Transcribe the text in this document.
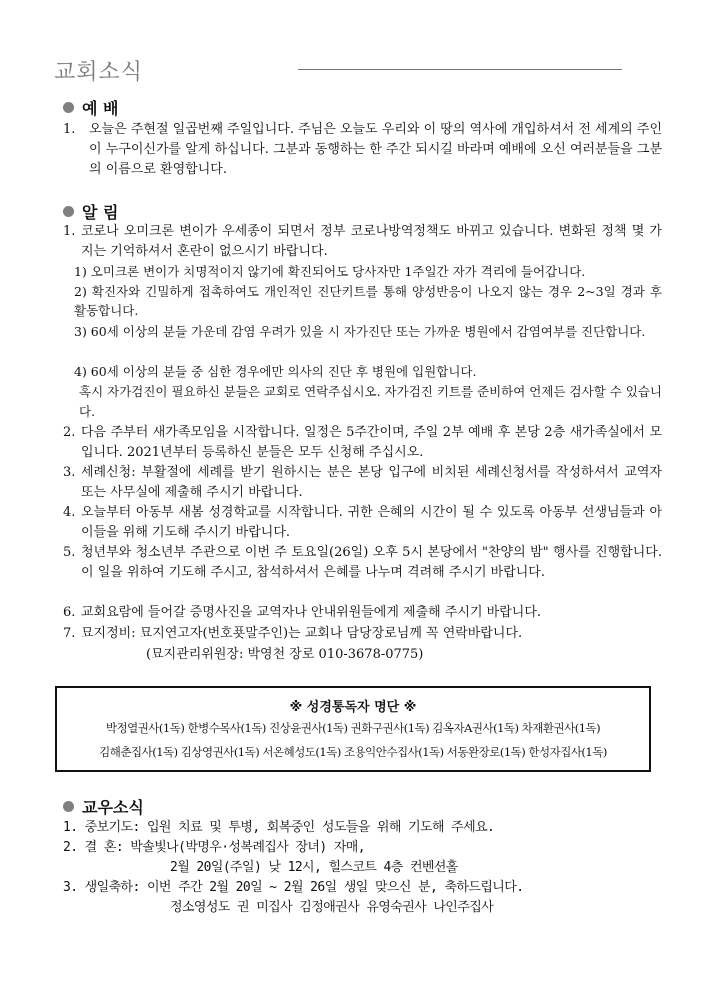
교회소식
예 배
1. 오늘은 주현절 일곱번째 주일입니다. 주님은 오늘도 우리와 이 땅의 역사에 개입하셔서 전 세계의 주인이 누구이신가를 알게 하십니다. 그분과 동행하는 한 주간 되시길 바라며 예배에 오신 여러분들을 그분의 이름으로 환영합니다.

알 림
1. 코로나 오미크론 변이가 우세종이 되면서 정부 코로나방역정책도 바뀌고 있습니다. 변화된 정책 몇 가지는 기억하셔서 혼란이 없으시기 바랍니다.

1) 오미크론 변이가 치명적이지 않기에 확진되어도 당사자만 1주일간 자가 격리에 들어갑니다.

2) 확진자와 긴밀하게 접촉하여도 개인적인 진단키트를 통해 양성반응이 나오지 않는 경우 2~3일 경과 후 활동합니다.

3) 60세 이상의 분들 가운데 감염 우려가 있을 시 자가진단 또는 가까운 병원에서 감염여부를 진단합니다.

4) 60세 이상의 분들 중 심한 경우에만 의사의 진단 후 병원에 입원합니다.

혹시 자가검진이 필요하신 분들은 교회로 연락주십시오. 자가검진 키트를 준비하여 언제든 검사할 수 있습니다.

2. 다음 주부터 새가족모임을 시작합니다. 일정은 5주간이며, 주일 2부 예배 후 본당 2층 새가족실에서 모입니다. 2021년부터 등록하신 분들은 모두 신청해 주십시오.

3. 세례신청: 부활절에 세례를 받기 원하시는 분은 본당 입구에 비치된 세례신청서를 작성하셔서 교역자 또는 사무실에 제출해 주시기 바랍니다.

4. 오늘부터 아동부 새봄 성경학교를 시작합니다. 귀한 은혜의 시간이 될 수 있도록 아동부 선생님들과 아이들을 위해 기도해 주시기 바랍니다.

5. 청년부와 청소년부 주관으로 이번 주 토요일(26일) 오후 5시 본당에서 "찬양의 밤" 행사를 진행합니다. 이 일을 위하여 기도해 주시고, 참석하셔서 은혜를 나누며 격려해 주시기 바랍니다.

6. 교회요람에 들어갈 증명사진을 교역자나 안내위원들에게 제출해 주시기 바랍니다.

7. 묘지정비: 묘지연고자(번호푯말주인)는 교회나 담당장로님께 꼭 연락바랍니다.

(묘지관리위원장: 박영천 장로 010-3678-0775)
※ 성경통독자 명단 ※
박정열권사(1독) 한병수목사(1독) 진상윤권사(1독) 권화구권사(1독) 김옥자A권사(1독) 차재환권사(1독)
김해춘집사(1독) 김상영권사(1독) 서온혜성도(1독) 조용익안수집사(1독) 서동완장로(1독) 한성자집사(1독)
교우소식
1. 중보기도: 입원 치료 및 투병, 회복중인 성도들을 위해 기도해 주세요.
2. 결 혼: 박솔빛나(박명우·성복례집사 장녀) 자매,
2월 20일(주일) 낮 12시, 힐스코트 4층 컨벤션홀
3. 생일축하: 이번 주간 2월 20일 ~ 2월 26일 생일 맞으신 분, 축하드립니다.
정소영성도 권 미집사 김정애권사 유영숙권사 나인주집사
